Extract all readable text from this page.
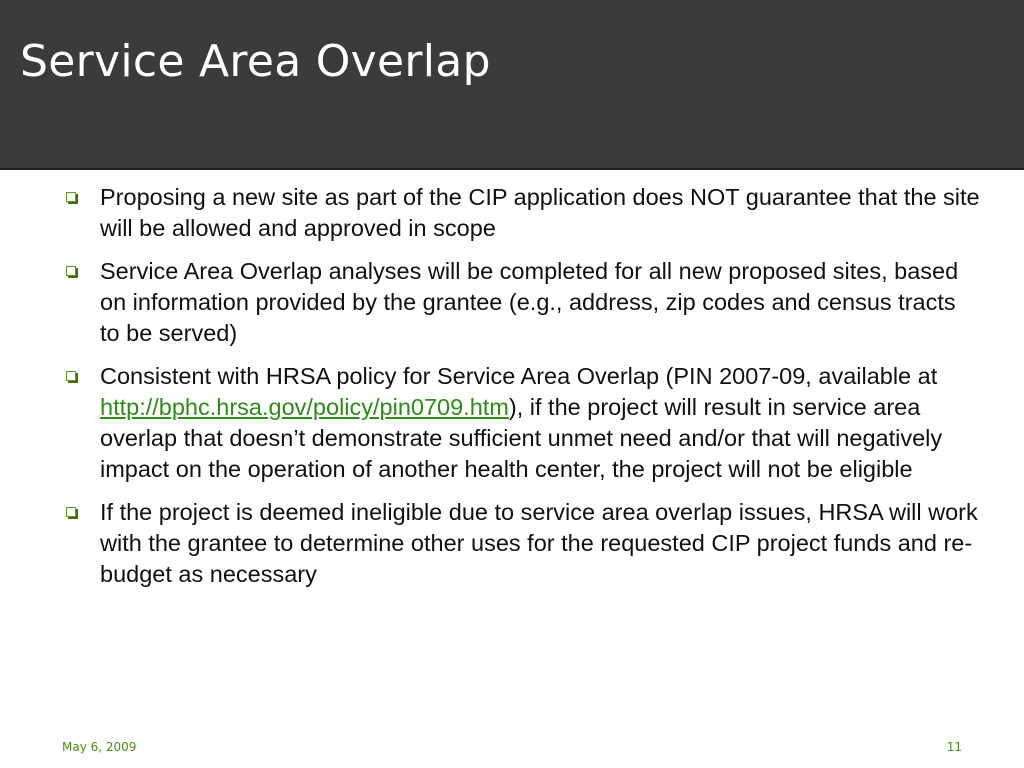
Service Area Overlap
Proposing a new site as part of the CIP application does NOT guarantee that the site will be allowed and approved in scope
Service Area Overlap analyses will be completed for all new proposed sites, based on information provided by the grantee (e.g., address, zip codes and census tracts to be served)
Consistent with HRSA policy for Service Area Overlap (PIN 2007-09, available at http://bphc.hrsa.gov/policy/pin0709.htm), if the project will result in service area overlap that doesn’t demonstrate sufficient unmet need and/or that will negatively impact on the operation of another health center, the project will not be eligible
If the project is deemed ineligible due to service area overlap issues, HRSA will work with the grantee to determine other uses for the requested CIP project funds and re-budget as necessary
May 6, 2009	11
